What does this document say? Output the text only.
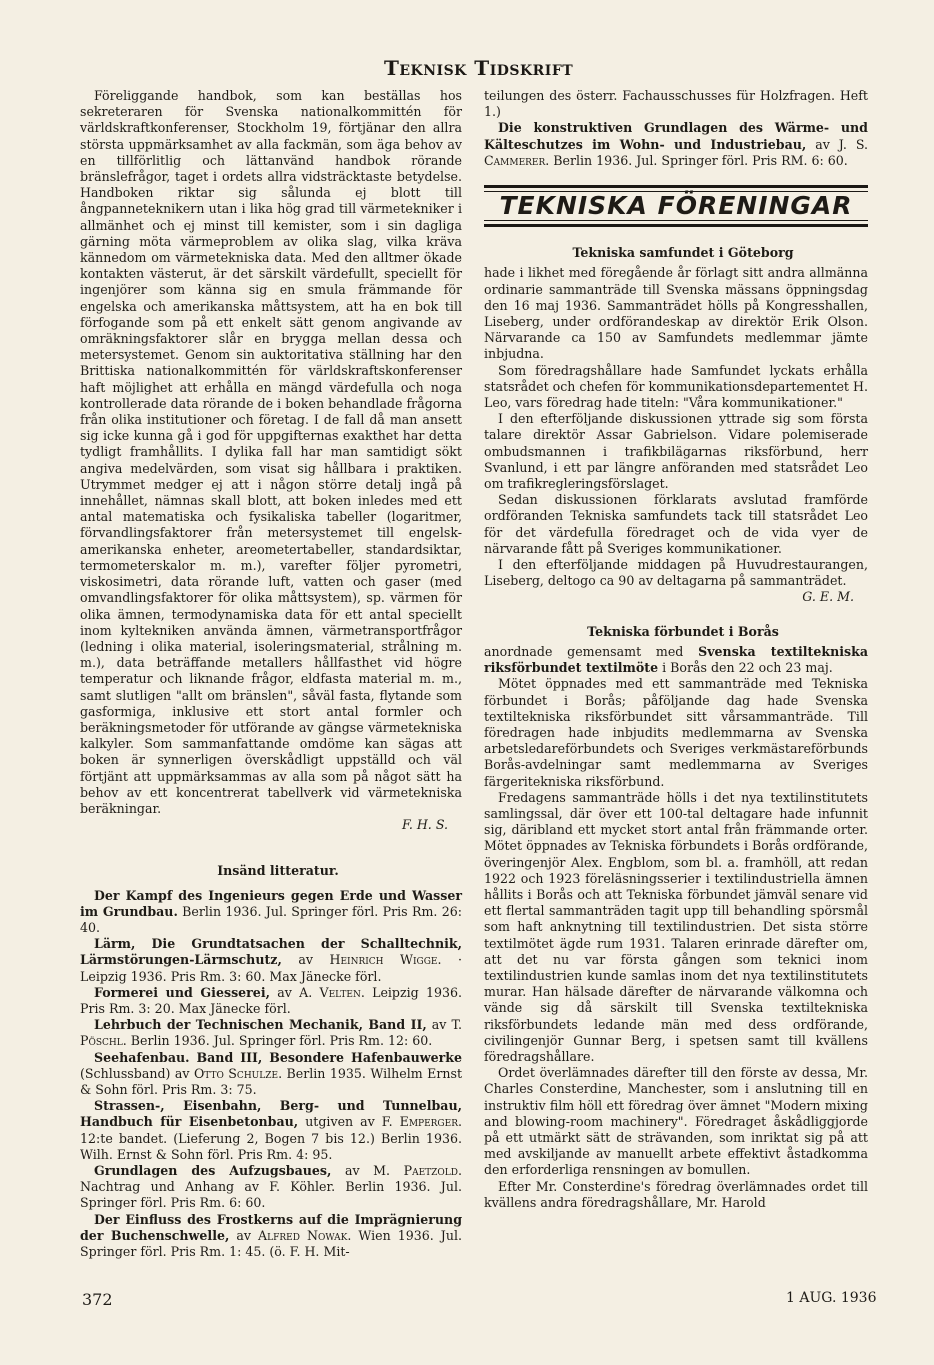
Teknisk Tidskrift

Föreliggande handbok, som kan beställas hos sekreteraren för Svenska nationalkommittén för världskraftkonferenser, Stockholm 19, förtjänar den allra största uppmärksamhet av alla fackmän, som äga behov av en tillförlitlig och lättanvänd handbok rörande bränslefrågor, taget i ordets allra vidsträcktaste betydelse. Handboken riktar sig sålunda ej blott till ångpanneteknikern utan i lika hög grad till värmetekniker i allmänhet och ej minst till kemister, som i sin dagliga gärning möta värmeproblem av olika slag, vilka kräva kännedom om värmetekniska data. Med den alltmer ökade kontakten västerut, är det särskilt värdefullt, speciellt för ingenjörer som känna sig en smula främmande för engelska och amerikanska måttsystem, att ha en bok till förfogande som på ett enkelt sätt genom angivande av omräkningsfaktorer slår en brygga mellan dessa och metersystemet. Genom sin auktoritativa ställning har den Brittiska nationalkommittén för världskraftskonferenser haft möjlighet att erhålla en mängd värdefulla och noga kontrollerade data rörande de i boken behandlade frågorna från olika institutioner och företag. I de fall då man ansett sig icke kunna gå i god för uppgifternas exakthet har detta tydligt framhållits. I dylika fall har man samtidigt sökt angiva medelvärden, som visat sig hållbara i praktiken. Utrymmet medger ej att i någon större detalj ingå på innehållet, nämnas skall blott, att boken inledes med ett antal matematiska och fysikaliska tabeller (logaritmer, förvandlingsfaktorer från metersystemet till engelsk-amerikanska enheter, areometertabeller, standardsiktar, termometerskalor m. m.), varefter följer pyrometri, viskosimetri, data rörande luft, vatten och gaser (med omvandlingsfaktorer för olika måttsystem), sp. värmen för olika ämnen, termodynamiska data för ett antal speciellt inom kyltekniken använda ämnen, värmetransportfrågor (ledning i olika material, isoleringsmaterial, strålning m. m.), data beträffande metallers hållfasthet vid högre temperatur och liknande frågor, eldfasta material m. m., samt slutligen "allt om bränslen", såväl fasta, flytande som gasformiga, inklusive ett stort antal formler och beräkningsmetoder för utförande av gängse värmetekniska kalkyler. Som sammanfattande omdöme kan sägas att boken är synnerligen överskådligt uppställd och väl förtjänt att uppmärksammas av alla som på något sätt ha behov av ett koncentrerat tabellverk vid värmetekniska beräkningar.

F. H. S.

Insänd litteratur.

Der Kampf des Ingenieurs gegen Erde und Wasser im Grundbau. Berlin 1936. Jul. Springer förl. Pris Rm. 26: 40.

Lärm, Die Grundtatsachen der Schalltechnik, Lärmstörungen-Lärmschutz, av Heinrich Wigge. · Leipzig 1936. Pris Rm. 3: 60. Max Jänecke förl.

Formerei und Giesserei, av A. Velten. Leipzig 1936. Pris Rm. 3: 20. Max Jänecke förl.

Lehrbuch der Technischen Mechanik, Band II, av T. Pöschl. Berlin 1936. Jul. Springer förl. Pris Rm. 12: 60.

Seehafenbau. Band III, Besondere Hafenbauwerke (Schlussband) av Otto Schulze. Berlin 1935. Wilhelm Ernst & Sohn förl. Pris Rm. 3: 75.

Strassen-, Eisenbahn, Berg- und Tunnelbau, Handbuch für Eisenbetonbau, utgiven av F. Emperger. 12:te bandet. (Lieferung 2, Bogen 7 bis 12.) Berlin 1936. Wilh. Ernst & Sohn förl. Pris Rm. 4: 95.

Grundlagen des Aufzugsbaues, av M. Paetzold. Nachtrag und Anhang av F. Köhler. Berlin 1936. Jul. Springer förl. Pris Rm. 6: 60.

Der Einfluss des Frostkerns auf die Imprägnierung der Buchenschwelle, av Alfred Nowak. Wien 1936. Jul. Springer förl. Pris Rm. 1: 45. (ö. F. H. Mit-

teilungen des österr. Fachausschusses für Holzfragen. Heft 1.)

Die konstruktiven Grundlagen des Wärme- und Kälteschutzes im Wohn- und Industriebau, av J. S. Cammerer. Berlin 1936. Jul. Springer förl. Pris RM. 6: 60.

TEKNISKA FÖRENINGAR

Tekniska samfundet i Göteborg

hade i likhet med föregående år förlagt sitt andra allmänna ordinarie sammanträde till Svenska mässans öppningsdag den 16 maj 1936. Sammanträdet hölls på Kongresshallen, Liseberg, under ordförandeskap av direktör Erik Olson. Närvarande ca 150 av Samfundets medlemmar jämte inbjudna.

Som föredragshållare hade Samfundet lyckats erhålla statsrådet och chefen för kommunikationsdepartementet H. Leo, vars föredrag hade titeln: "Våra kommunikationer."

I den efterföljande diskussionen yttrade sig som första talare direktör Assar Gabrielson. Vidare polemiserade ombudsmannen i trafikbilägarnas riksförbund, herr Svanlund, i ett par längre anföranden med statsrådet Leo om trafikregleringsförslaget.

Sedan diskussionen förklarats avslutad framförde ordföranden Tekniska samfundets tack till statsrådet Leo för det värdefulla föredraget och de vida vyer de närvarande fått på Sveriges kommunikationer.

I den efterföljande middagen på Huvudrestaurangen, Liseberg, deltogo ca 90 av deltagarna på sammanträdet.

G. E. M.

Tekniska förbundet i Borås

anordnade gemensamt med Svenska textiltekniska riksförbundet textilmöte i Borås den 22 och 23 maj.

Mötet öppnades med ett sammanträde med Tekniska förbundet i Borås; påföljande dag hade Svenska textiltekniska riksförbundet sitt vårsammanträde. Till föredragen hade inbjudits medlemmarna av Svenska arbetsledareförbundets och Sveriges verkmästareförbunds Borås-avdelningar samt medlemmarna av Sveriges färgeritekniska riksförbund.

Fredagens sammanträde hölls i det nya textilinstitutets samlingssal, där över ett 100-tal deltagare hade infunnit sig, däribland ett mycket stort antal från främmande orter. Mötet öppnades av Tekniska förbundets i Borås ordförande, överingenjör Alex. Engblom, som bl. a. framhöll, att redan 1922 och 1923 föreläsningsserier i textilindustriella ämnen hållits i Borås och att Tekniska förbundet jämväl senare vid ett flertal sammanträden tagit upp till behandling spörsmål som haft anknytning till textilindustrien. Det sista större textilmötet ägde rum 1931. Talaren erinrade därefter om, att det nu var första gången som teknici inom textilindustrien kunde samlas inom det nya textilinstitutets murar. Han hälsade därefter de närvarande välkomna och vände sig då särskilt till Svenska textiltekniska riksförbundets ledande män med dess ordförande, civilingenjör Gunnar Berg, i spetsen samt till kvällens föredragshållare.

Ordet överlämnades därefter till den förste av dessa, Mr. Charles Consterdine, Manchester, som i anslutning till en instruktiv film höll ett föredrag över ämnet "Modern mixing and blowing-room machinery". Föredraget åskådliggjorde på ett utmärkt sätt de strävanden, som inriktat sig på att med avskiljande av manuellt arbete effektivt åstadkomma den erforderliga rensningen av bomullen.

Efter Mr. Consterdine's föredrag överlämnades ordet till kvällens andra föredragshållare, Mr. Harold

372	1 AUG. 1936
